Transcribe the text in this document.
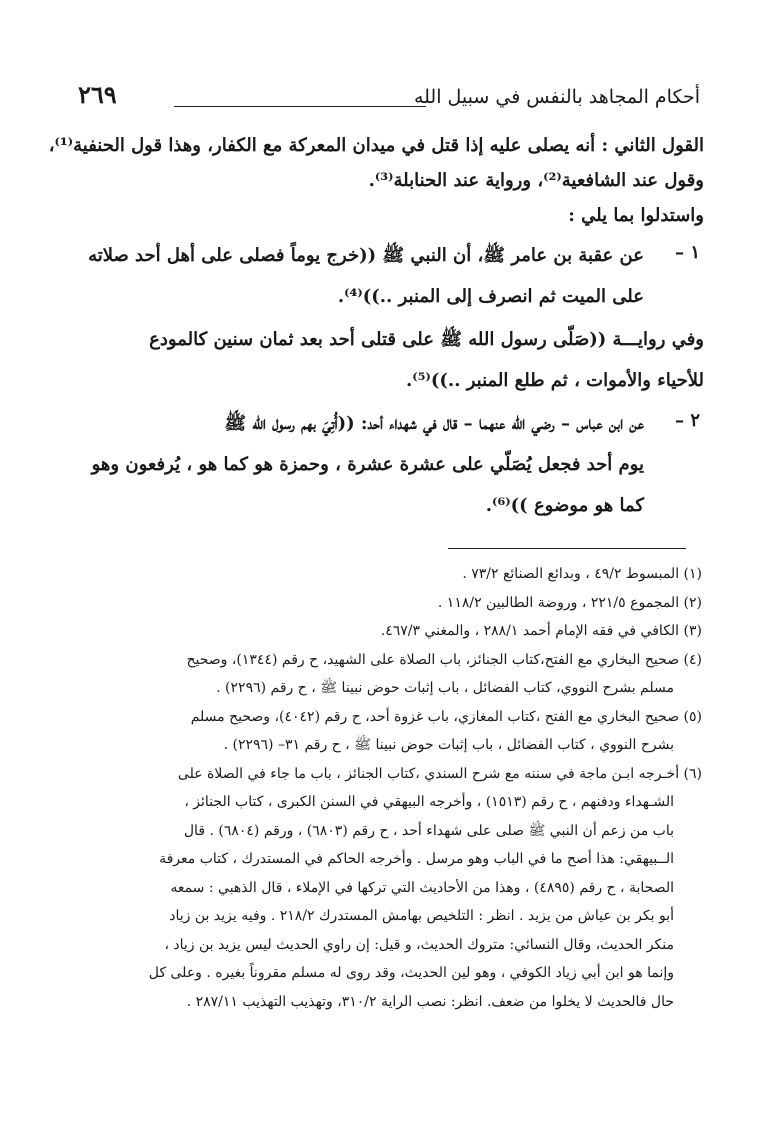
٢٦٩	أحكام المجاهد بالنفس في سبيل الله
القول الثاني : أنه يصلى عليه إذا قتل في ميدان المعركة مع الكفار، وهذا قول الحنفية⁽¹⁾،
وقول عند الشافعية⁽²⁾، ورواية عند الحنابلة⁽³⁾.
واستدلوا بما يلي :
١ –
عن عقبة بن عامر ﷺ، أن النبي ﷺ ((خرج يوماً فصلى على أهل أحد صلاته
على الميت ثم انصرف إلى المنبر ..))⁽⁴⁾.
وفي روايـــة ((صَلّى رسول الله ﷺ على قتلى أحد بعد ثمان سنين كالمودع
للأحياء والأموات ، ثم طلع المنبر ..))⁽⁵⁾.
٢ –
عن ابن عباس – رضي الله عنهما – قال في شهداء أحد: ((أُتِيَ بهم رسول الله ﷺ
يوم أحد فجعل يُصَلّي على عشرة عشرة ، وحمزة هو كما هو ، يُرفعون وهو
كما هو موضوع ))⁽⁶⁾.
(١) المبسوط ٤٩/٢ ، وبدائع الصنائع ٧٣/٢ .
(٢) المجموع ٢٢١/٥ ، وروضة الطالبين ١١٨/٢ .
(٣) الكافي في فقه الإمام أحمد ٢٨٨/١ ، والمغني ٤٦٧/٣.
(٤) صحيح البخاري مع الفتح،كتاب الجنائز، باب الصلاة على الشهيد، ح رقم (١٣٤٤)، وصحيح
مسلم بشرح النووي، كتاب الفضائل ، باب إثبات حوض نبينا ﷺ ، ح رقم (٢٢٩٦) .
(٥) صحيح البخاري مع الفتح ،كتاب المغازي، باب غزوة أحد، ح رقم (٤٠٤٢)، وصحيح مسلم
بشرح النووي ، كتاب الفضائل ، باب إثبات حوض نبينا ﷺ ، ح رقم ٣١– (٢٢٩٦) .
(٦) أخـرجه ابـن ماجة في سننه مع شرح السندي ،كتاب الجنائز ، باب ما جاء في الصلاة على
الشـهداء ودفنهم ، ح رقم (١٥١٣) ، وأخرجه البيهقي في السنن الكبرى ، كتاب الجنائز ،
باب من زعم أن النبي ﷺ صلى على شهداء أحد ، ح رقم (٦٨٠٣) ، ورقم (٦٨٠٤) . قال
الــبيهقي: هذا أصح ما في الباب وهو مرسل . وأخرجه الحاكم في المستدرك ، كتاب معرفة
الصحابة ، ح رقم (٤٨٩٥) ، وهذا من الأحاديث التي تركها في الإملاء ، قال الذهبي : سمعه
أبو بكر بن عياش من يزيد . انظر : التلخيص بهامش المستدرك ٢١٨/٢ . وفيه يزيد بن زياد
منكر الحديث، وقال النسائي: متروك الحديث، و قيل: إن راوي الحديث ليس يزيد بن زياد ،
وإنما هو ابن أبي زياد الكوفي ، وهو لين الحديث، وقد روى له مسلم مقروناً بغيره . وعلى كل
حال فالحديث لا يخلوا من ضعف. انظر: نصب الراية ٣١٠/٢، وتهذيب التهذيب ٢٨٧/١١ .
